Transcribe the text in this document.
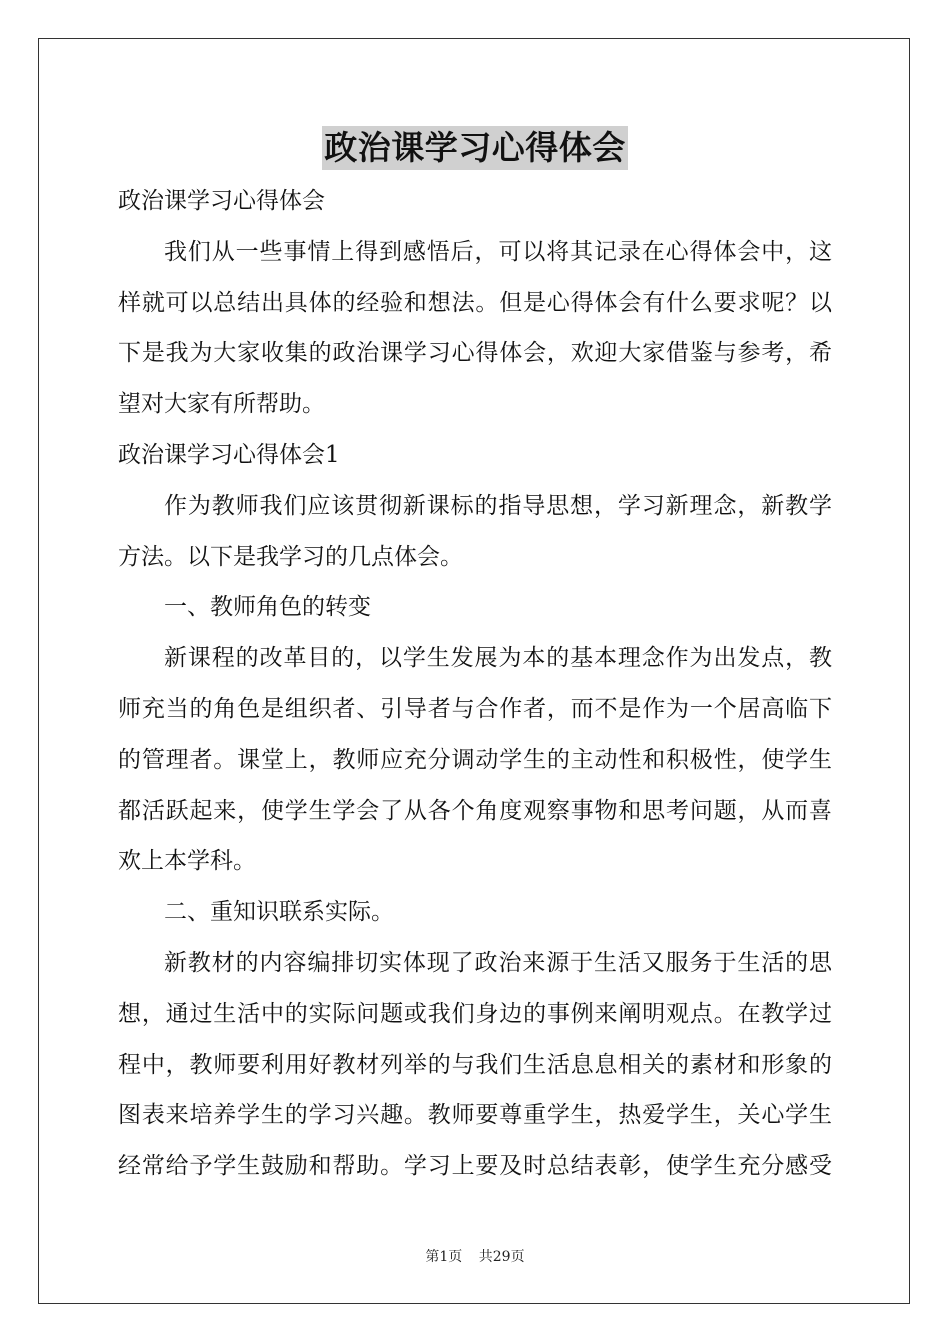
政治课学习心得体会

政治课学习心得体会

我们从一些事情上得到感悟后，可以将其记录在心得体会中，这

样就可以总结出具体的经验和想法。但是心得体会有什么要求呢？以

下是我为大家收集的政治课学习心得体会，欢迎大家借鉴与参考，希

望对大家有所帮助。

政治课学习心得体会1

作为教师我们应该贯彻新课标的指导思想，学习新理念，新教学

方法。以下是我学习的几点体会。

一、教师角色的转变

新课程的改革目的，以学生发展为本的基本理念作为出发点，教

师充当的角色是组织者、引导者与合作者，而不是作为一个居高临下

的管理者。课堂上，教师应充分调动学生的主动性和积极性，使学生

都活跃起来，使学生学会了从各个角度观察事物和思考问题，从而喜

欢上本学科。

二、重知识联系实际。

新教材的内容编排切实体现了政治来源于生活又服务于生活的思

想，通过生活中的实际问题或我们身边的事例来阐明观点。在教学过

程中，教师要利用好教材列举的与我们生活息息相关的素材和形象的

图表来培养学生的学习兴趣。教师要尊重学生，热爱学生，关心学生

经常给予学生鼓励和帮助。学习上要及时总结表彰，使学生充分感受

第1页 共29页
